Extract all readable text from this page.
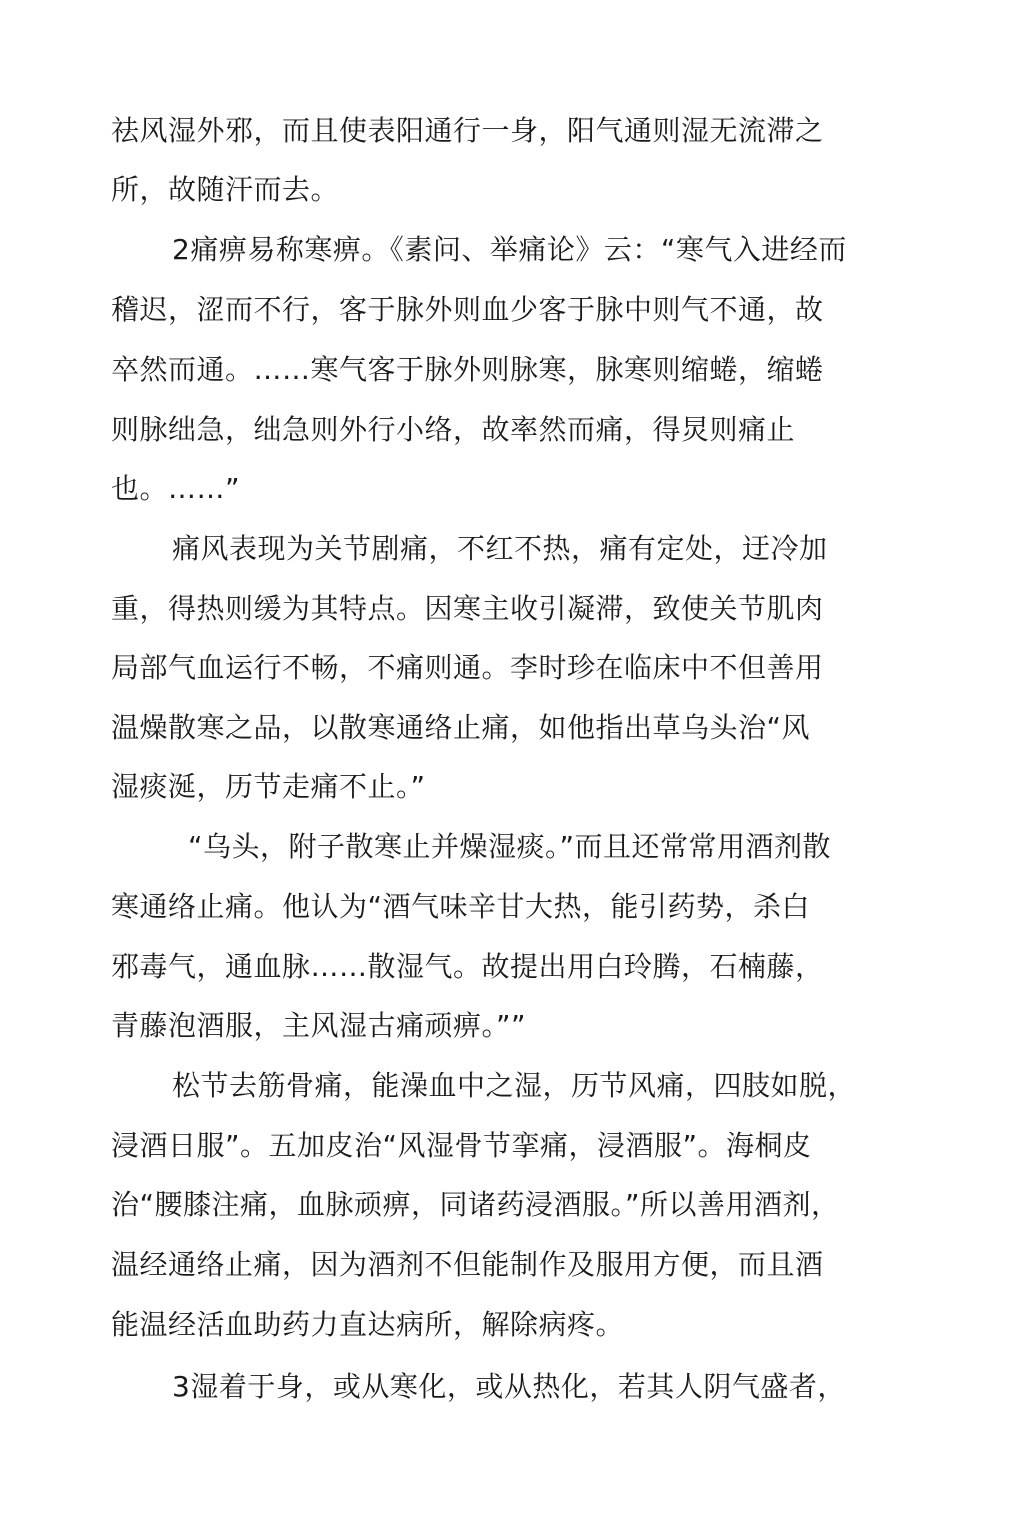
祛风湿外邪，而且使表阳通行一身，阳气通则湿无流滞之
所，故随汗而去。
2痛痹易称寒痹。《素问、举痛论》云：“寒气入进经而
稽迟，涩而不行，客于脉外则血少客于脉中则气不通，故
卒然而通。……寒气客于脉外则脉寒，脉寒则缩蜷，缩蜷
则脉绌急，绌急则外行小络，故率然而痛，得炅则痛止
也。……”
痛风表现为关节剧痛，不红不热，痛有定处，迂冷加
重，得热则缓为其特点。因寒主收引凝滞，致使关节肌肉
局部气血运行不畅，不痛则通。李时珍在临床中不但善用
温燥散寒之品，以散寒通络止痛，如他指出草乌头治“风
湿痰涎，历节走痛不止。”
“乌头，附子散寒止并燥湿痰。”而且还常常用酒剂散
寒通络止痛。他认为“酒气味辛甘大热，能引药势，杀白
邪毒气，通血脉……散湿气。故提出用白玲腾，石楠藤，
青藤泡酒服，主风湿古痛顽痹。””
松节去筋骨痛，能澡血中之湿，历节风痛，四肢如脱，
浸酒日服”。五加皮治“风湿骨节挛痛，浸酒服”。海桐皮
治“腰膝注痛，血脉顽痹，同诸药浸酒服。”所以善用酒剂，
温经通络止痛，因为酒剂不但能制作及服用方便，而且酒
能温经活血助药力直达病所，解除病疼。
3湿着于身，或从寒化，或从热化，若其人阴气盛者，
